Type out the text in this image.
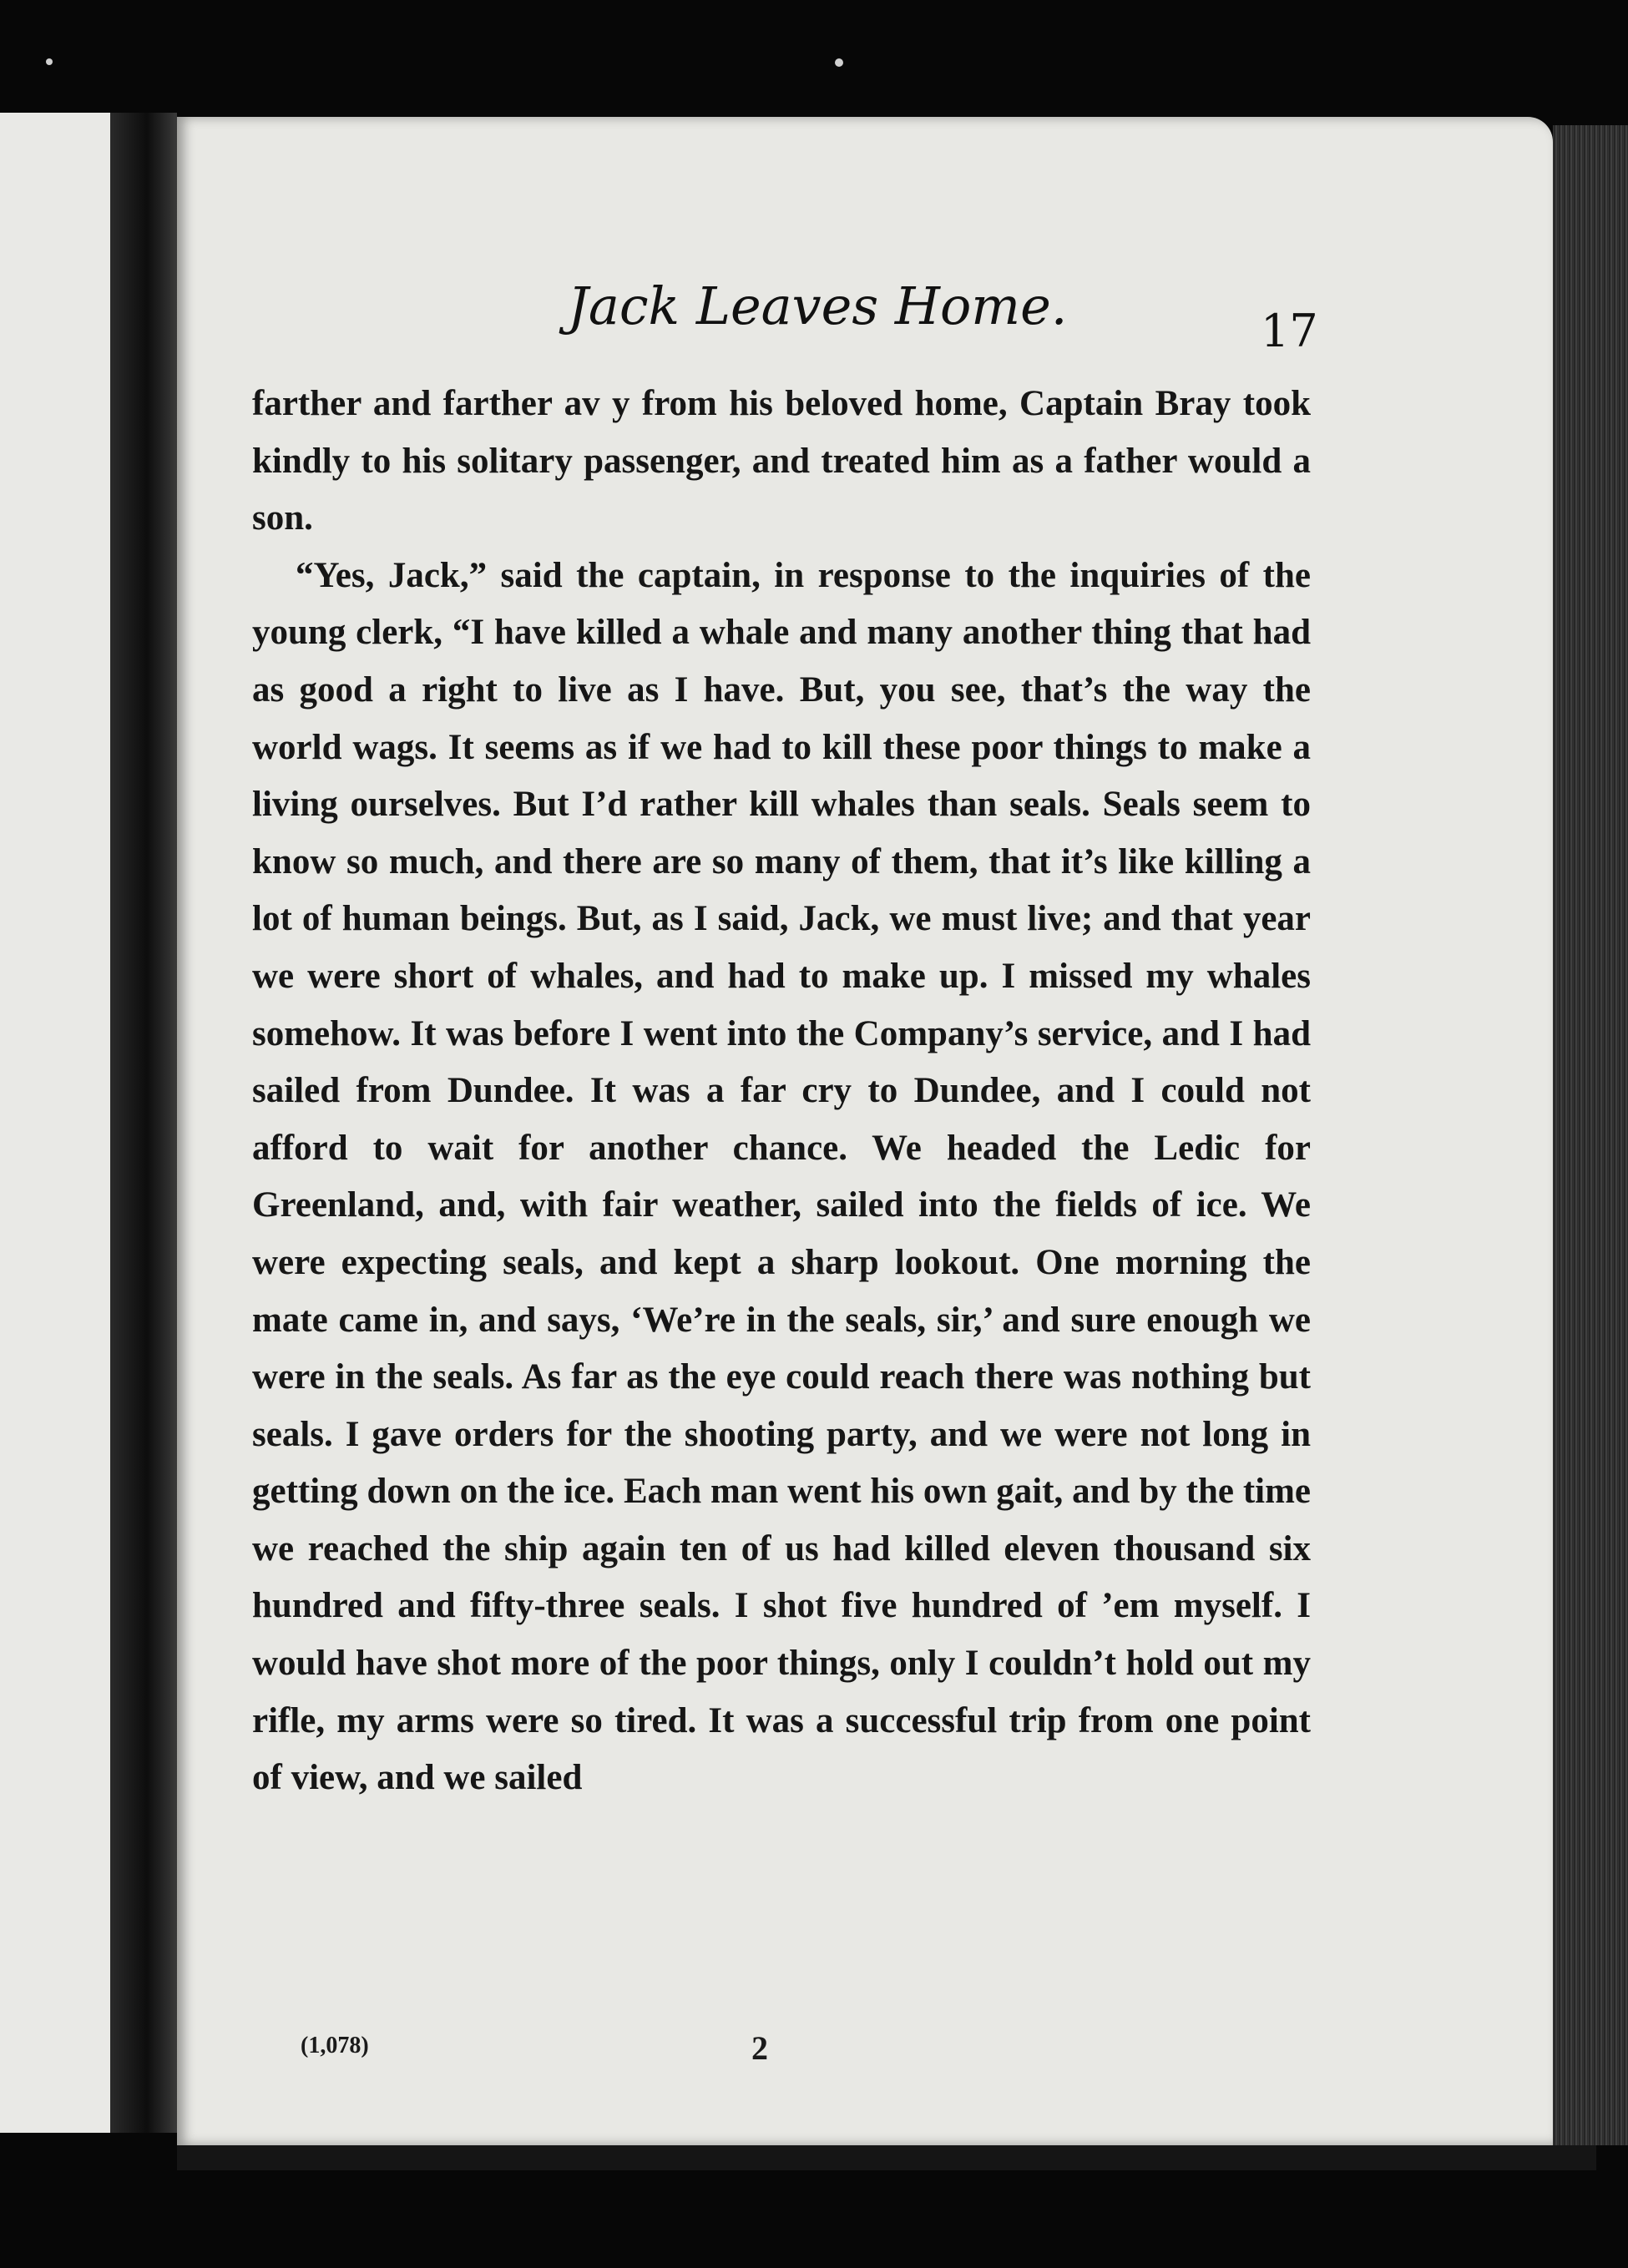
Jack Leaves Home.	17

farther and farther av y from his beloved home, Captain Bray took kindly to his solitary passenger, and treated him as a father would a son.

“Yes, Jack,” said the captain, in response to the inquiries of the young clerk, “I have killed a whale and many another thing that had as good a right to live as I have. But, you see, that’s the way the world wags. It seems as if we had to kill these poor things to make a living ourselves. But I’d rather kill whales than seals. Seals seem to know so much, and there are so many of them, that it’s like killing a lot of human beings. But, as I said, Jack, we must live; and that year we were short of whales, and had to make up. I missed my whales somehow. It was before I went into the Company’s service, and I had sailed from Dundee. It was a far cry to Dundee, and I could not afford to wait for another chance. We headed the Ledic for Greenland, and, with fair weather, sailed into the fields of ice. We were expecting seals, and kept a sharp lookout. One morning the mate came in, and says, ‘We’re in the seals, sir,’ and sure enough we were in the seals. As far as the eye could reach there was nothing but seals. I gave orders for the shooting party, and we were not long in getting down on the ice. Each man went his own gait, and by the time we reached the ship again ten of us had killed eleven thousand six hundred and fifty-three seals. I shot five hundred of ’em myself. I would have shot more of the poor things, only I couldn’t hold out my rifle, my arms were so tired. It was a successful trip from one point of view, and we sailed

(1,078)	2
